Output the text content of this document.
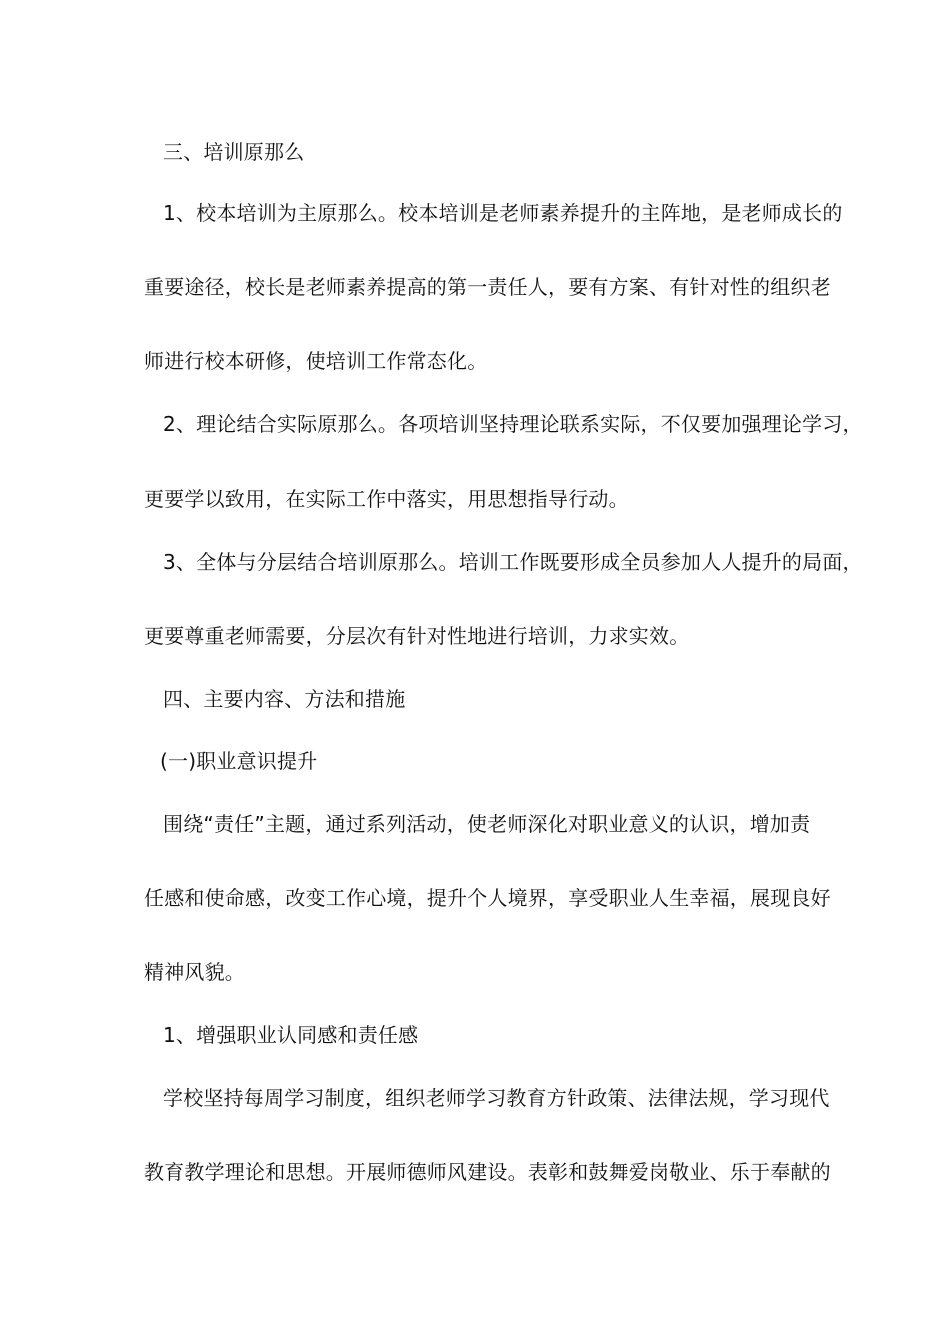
三、培训原那么

1、校本培训为主原那么。校本培训是老师素养提升的主阵地，是老师成长的

重要途径，校长是老师素养提高的第一责任人，要有方案、有针对性的组织老

师进行校本研修，使培训工作常态化。

2、理论结合实际原那么。各项培训坚持理论联系实际，不仅要加强理论学习，

更要学以致用，在实际工作中落实，用思想指导行动。

3、全体与分层结合培训原那么。培训工作既要形成全员参加人人提升的局面，

更要尊重老师需要，分层次有针对性地进行培训，力求实效。

四、主要内容、方法和措施

(一)职业意识提升

围绕“责任”主题，通过系列活动，使老师深化对职业意义的认识，增加责

任感和使命感，改变工作心境，提升个人境界，享受职业人生幸福，展现良好

精神风貌。

1、增强职业认同感和责任感

学校坚持每周学习制度，组织老师学习教育方针政策、法律法规，学习现代

教育教学理论和思想。开展师德师风建设。表彰和鼓舞爱岗敬业、乐于奉献的
